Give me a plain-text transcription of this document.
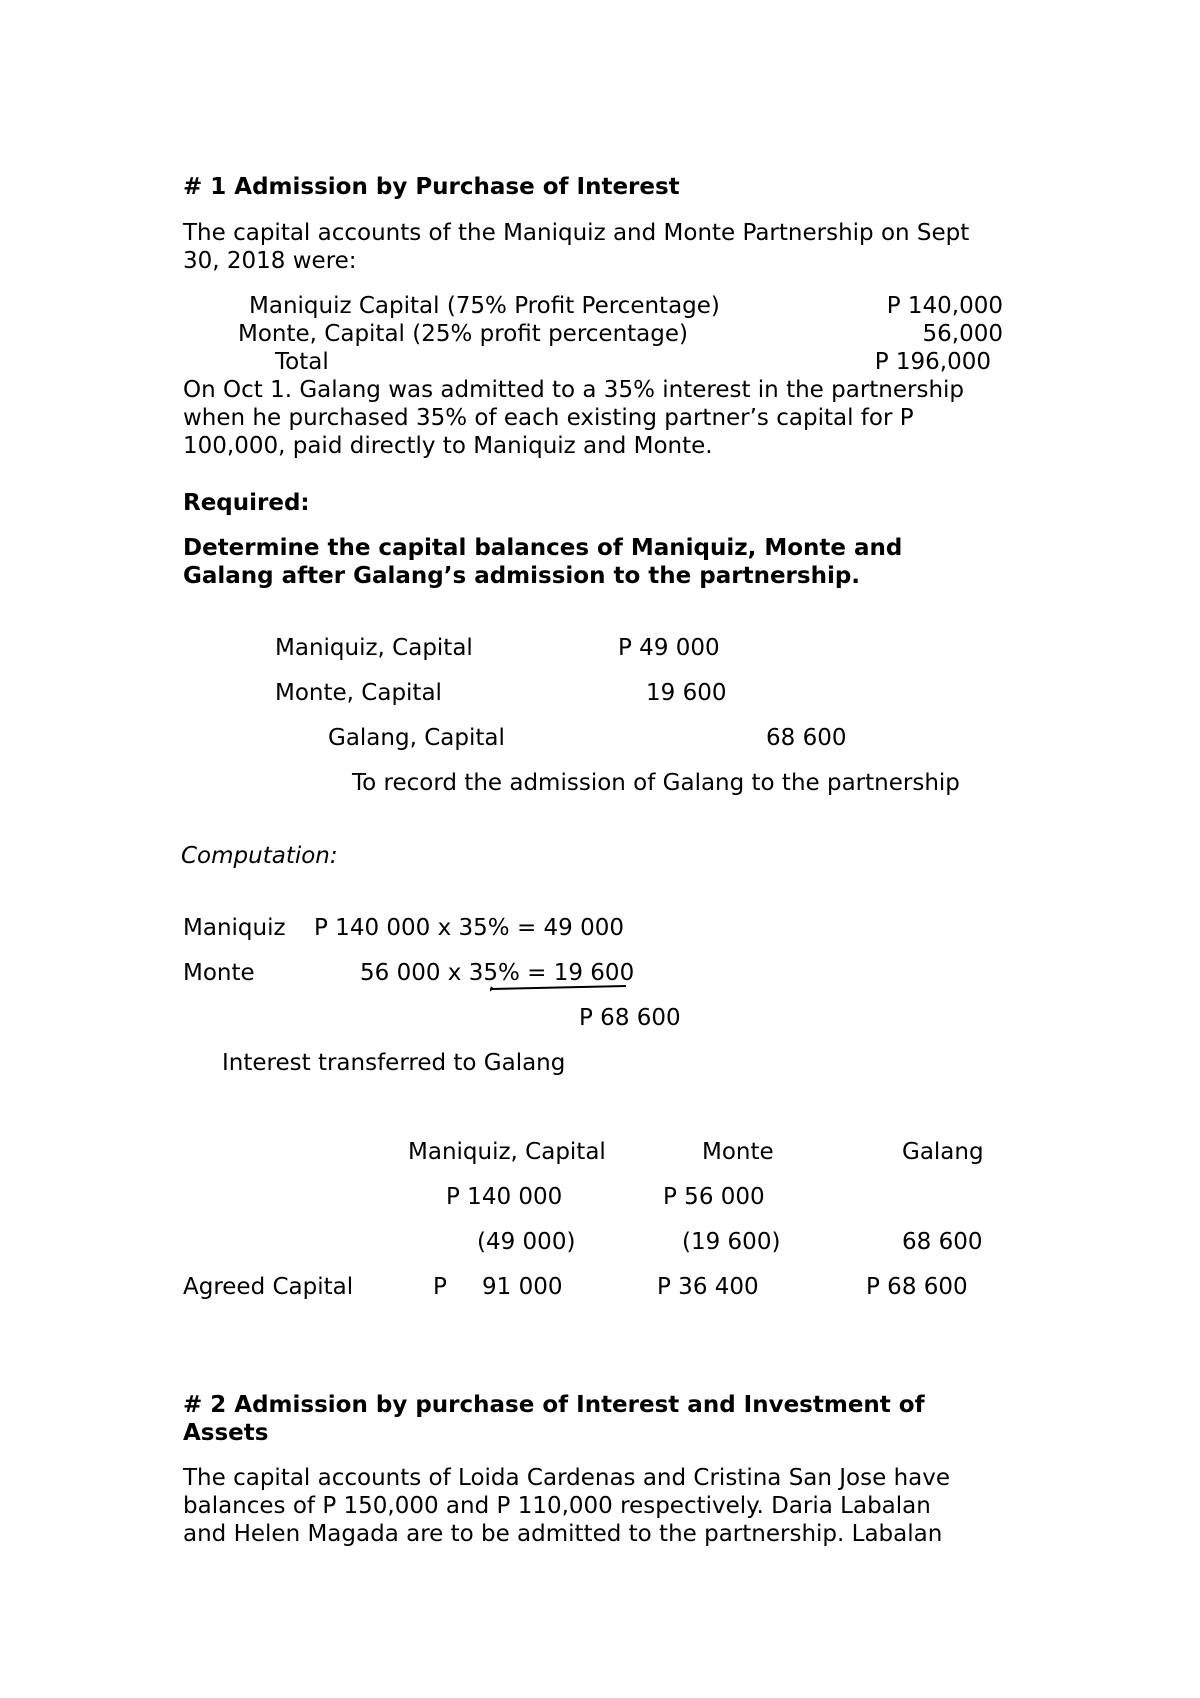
# 1 Admission by Purchase of Interest
The capital accounts of the Maniquiz and Monte Partnership on Sept
30, 2018 were:
Maniquiz Capital (75% Profit Percentage)	P 140,000
Monte, Capital (25% profit percentage)	56,000
Total	P 196,000
On Oct 1. Galang was admitted to a 35% interest in the partnership
when he purchased 35% of each existing partner’s capital for P
100,000, paid directly to Maniquiz and Monte.
Required:
Determine the capital balances of Maniquiz, Monte and
Galang after Galang’s admission to the partnership.
Maniquiz, Capital	P 49 000
Monte, Capital	19 600
Galang, Capital	68 600
To record the admission of Galang to the partnership
Computation:
Maniquiz P 140 000 x 35% = 49 000
Monte	56 000 x 35% = 19 600
P 68 600
Interest transferred to Galang
Maniquiz, Capital	Monte	Galang
P 140 000	P 56 000
(49 000)	(19 600)	68 600
Agreed Capital	P 91 000	P 36 400	P 68 600
# 2 Admission by purchase of Interest and Investment of
Assets
The capital accounts of Loida Cardenas and Cristina San Jose have
balances of P 150,000 and P 110,000 respectively. Daria Labalan
and Helen Magada are to be admitted to the partnership. Labalan
